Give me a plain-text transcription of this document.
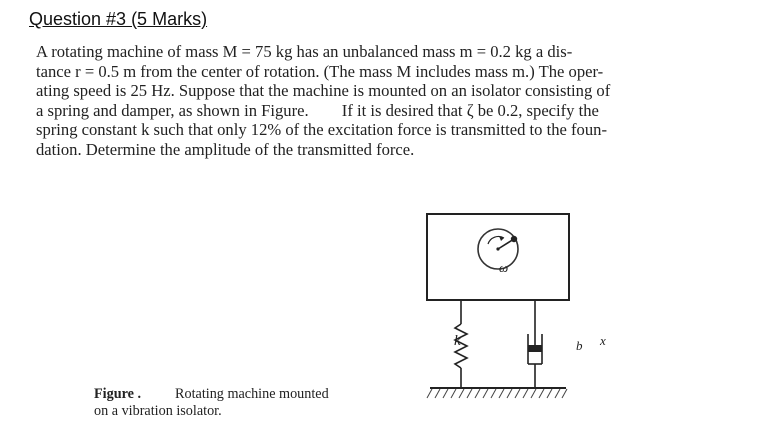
Question #3 (5 Marks)
A rotating machine of mass M = 75 kg has an unbalanced mass m = 0.2 kg a dis-
tance r = 0.5 m from the center of rotation. (The mass M includes mass m.) The oper-
ating speed is 25 Hz. Suppose that the machine is mounted on an isolator consisting of
a spring and damper, as shown in Figure.        If it is desired that ζ be 0.2, specify the
spring constant k such that only 12% of the excitation force is transmitted to the foun-
dation. Determine the amplitude of the transmitted force.
ω
k	b x
Figure . Rotating machine mounted
on a vibration isolator.
